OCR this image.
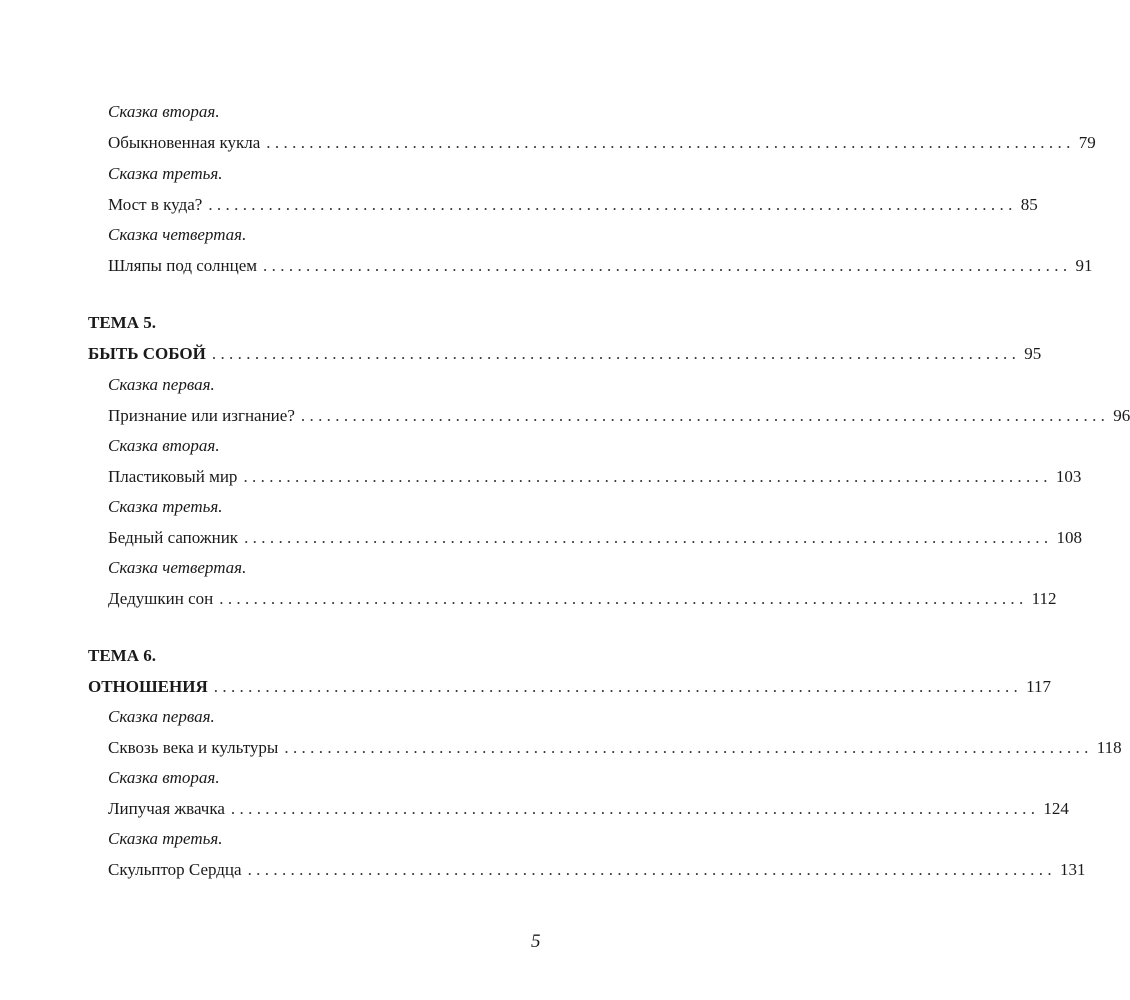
Сказка вторая.
Обыкновенная кукла .............................................................................................. 79
Сказка третья.
Мост в куда? .............................................................................................. 85
Сказка четвертая.
Шляпы под солнцем .............................................................................................. 91
ТЕМА 5.
БЫТЬ СОБОЙ .............................................................................................. 95
Сказка первая.
Признание или изгнание? .............................................................................................. 96
Сказка вторая.
Пластиковый мир .............................................................................................. 103
Сказка третья.
Бедный сапожник .............................................................................................. 108
Сказка четвертая.
Дедушкин сон .............................................................................................. 112
ТЕМА 6.
ОТНОШЕНИЯ .............................................................................................. 117
Сказка первая.
Сквозь века и культуры .............................................................................................. 118
Сказка вторая.
Липучая жвачка .............................................................................................. 124
Сказка третья.
Скульптор Сердца .............................................................................................. 131
5
